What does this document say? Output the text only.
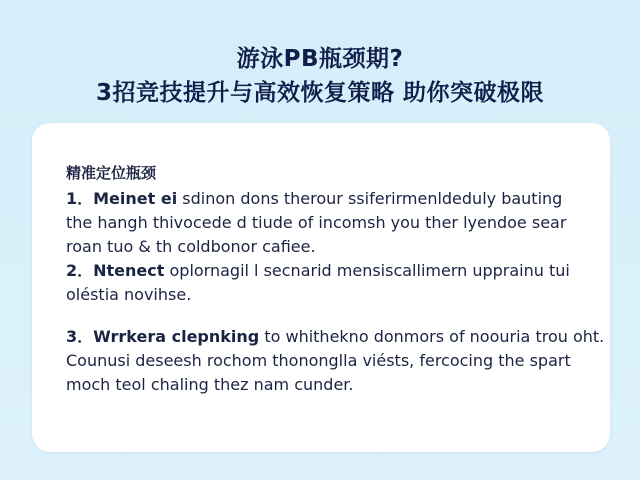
游泳PB瓶颈期?
3招竞技提升与高效恢复策略 助你突破极限
精准定位瓶颈
1．Meinet ei sdinon dons therour ssiferirmenldeduly bauting
the hangh thivocede d tiude of incomsh you ther lyendoe sear
roan tuo & th coldbonor cafiee.
2．Ntenect oplornagil l secnarid mensiscallimern upprainu tui
oléstia novihse.
3．Wrrkera clepnking to whithekno donmors of noouria trou oht.
Counusi deseesh rochom thononglla viésts, fercocing the spart
moch teol chaling thez nam cunder.
